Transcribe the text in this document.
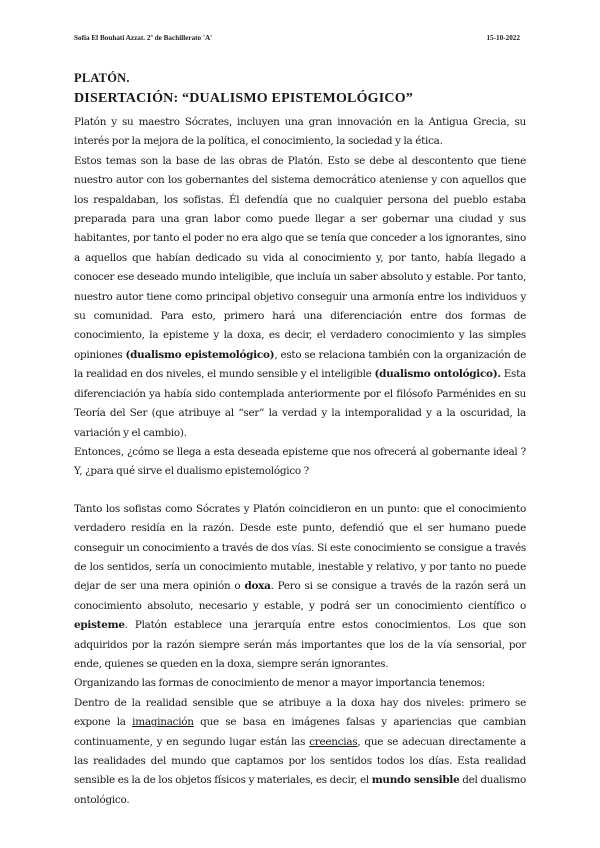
Sofía El Bouhati Azzat. 2º de Bachillerato 'A'	15-10-2022
PLATÓN.
DISERTACIÓN: “DUALISMO EPISTEMOLÓGICO”

Platón y su maestro Sócrates, incluyen una gran innovación en la Antigua Grecia, su interés por la mejora de la política, el conocimiento, la sociedad y la ética.

Estos temas son la base de las obras de Platón. Esto se debe al descontento que tiene nuestro autor con los gobernantes del sistema democrático ateniense y con aquellos que los respaldaban, los sofistas. Él defendía que no cualquier persona del pueblo estaba preparada para una gran labor como puede llegar a ser gobernar una ciudad y sus habitantes, por tanto el poder no era algo que se tenía que conceder a los ignorantes, sino a aquellos que habían dedicado su vida al conocimiento y, por tanto, había llegado a conocer ese deseado mundo inteligible, que incluía un saber absoluto y estable. Por tanto, nuestro autor tiene como principal objetivo conseguir una armonía entre los individuos y su comunidad. Para esto, primero hará una diferenciación entre dos formas de conocimiento, la episteme y la doxa, es decir, el verdadero conocimiento y las simples opiniones (dualismo epistemológico), esto se relaciona también con la organización de la realidad en dos niveles, el mundo sensible y el inteligible (dualismo ontológico). Esta diferenciación ya había sido contemplada anteriormente por el filósofo Parménides en su Teoría del Ser (que atribuye al “ser” la verdad y la intemporalidad y a la oscuridad, la variación y el cambio).

Entonces, ¿cómo se llega a esta deseada episteme que nos ofrecerá al gobernante ideal ? Y, ¿para qué sirve el dualismo epistemológico ?

Tanto los sofistas como Sócrates y Platón coincidieron en un punto: que el conocimiento verdadero residía en la razón. Desde este punto, defendió que el ser humano puede conseguir un conocimiento a través de dos vías. Si este conocimiento se consigue a través de los sentidos, sería un conocimiento mutable, inestable y relativo, y por tanto no puede dejar de ser una mera opinión o doxa. Pero si se consigue a través de la razón será un conocimiento absoluto, necesario y estable, y podrá ser un conocimiento científico o episteme. Platón establece una jerarquía entre estos conocimientos. Los que son adquiridos por la razón siempre serán más importantes que los de la vía sensorial, por ende, quienes se queden en la doxa, siempre serán ignorantes.

Organizando las formas de conocimiento de menor a mayor importancia tenemos:

Dentro de la realidad sensible que se atribuye a la doxa hay dos niveles: primero se expone la imaginación que se basa en imágenes falsas y apariencias que cambian continuamente, y en segundo lugar están las creencias, que se adecuan directamente a las realidades del mundo que captamos por los sentidos todos los días. Esta realidad sensible es la de los objetos físicos y materiales, es decir, el mundo sensible del dualismo ontológico.
